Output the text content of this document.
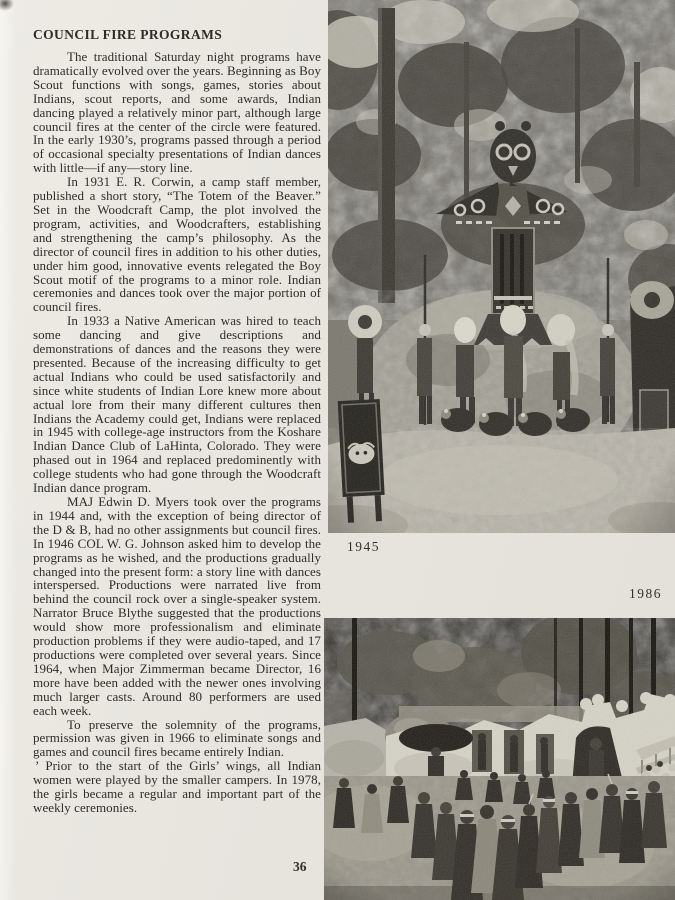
COUNCIL FIRE PROGRAMS

The traditional Saturday night programs have dramatically evolved over the years. Beginning as Boy Scout functions with songs, games, stories about Indians, scout reports, and some awards, Indian dancing played a relatively minor part, although large council fires at the center of the circle were featured. In the early 1930’s, programs passed through a period of occasional specialty presentations of Indian dances with little—if any—story line.

In 1931 E. R. Corwin, a camp staff member, published a short story, “The Totem of the Beaver.” Set in the Woodcraft Camp, the plot involved the program, activities, and Woodcrafters, establishing and strengthening the camp’s philosophy. As the director of council fires in addition to his other duties, under him good, innovative events relegated the Boy Scout motif of the programs to a minor role. Indian ceremonies and dances took over the major portion of council fires.

In 1933 a Native American was hired to teach some dancing and give descriptions and demonstrations of dances and the reasons they were presented. Because of the increasing difficulty to get actual Indians who could be used satisfactorily and since white students of Indian Lore knew more about actual lore from their many different cultures then Indians the Academy could get, Indians were replaced in 1945 with college-age instructors from the Koshare Indian Dance Club of LaHinta, Colorado. They were phased out in 1964 and replaced predominently with college students who had gone through the Woodcraft Indian dance program.

MAJ Edwin D. Myers took over the programs in 1944 and, with the exception of being director of the D & B, had no other assignments but council fires. In 1946 COL W. G. Johnson asked him to develop the programs as he wished, and the productions gradually changed into the present form: a story line with dances interspersed. Productions were narrated live from behind the council rock over a single-speaker system. Narrator Bruce Blythe suggested that the productions would show more professionalism and eliminate production problems if they were audio-taped, and 17 productions were completed over several years. Since 1964, when Major Zimmerman became Director, 16 more have been added with the newer ones involving much larger casts. Around 80 performers are used each week.

To preserve the solemnity of the programs, permission was given in 1966 to eliminate songs and games and council fires became entirely Indian.

’ Prior to the start of the Girls’ wings, all Indian women were played by the smaller campers. In 1978, the girls became a regular and important part of the weekly ceremonies.

1945
1986
36
